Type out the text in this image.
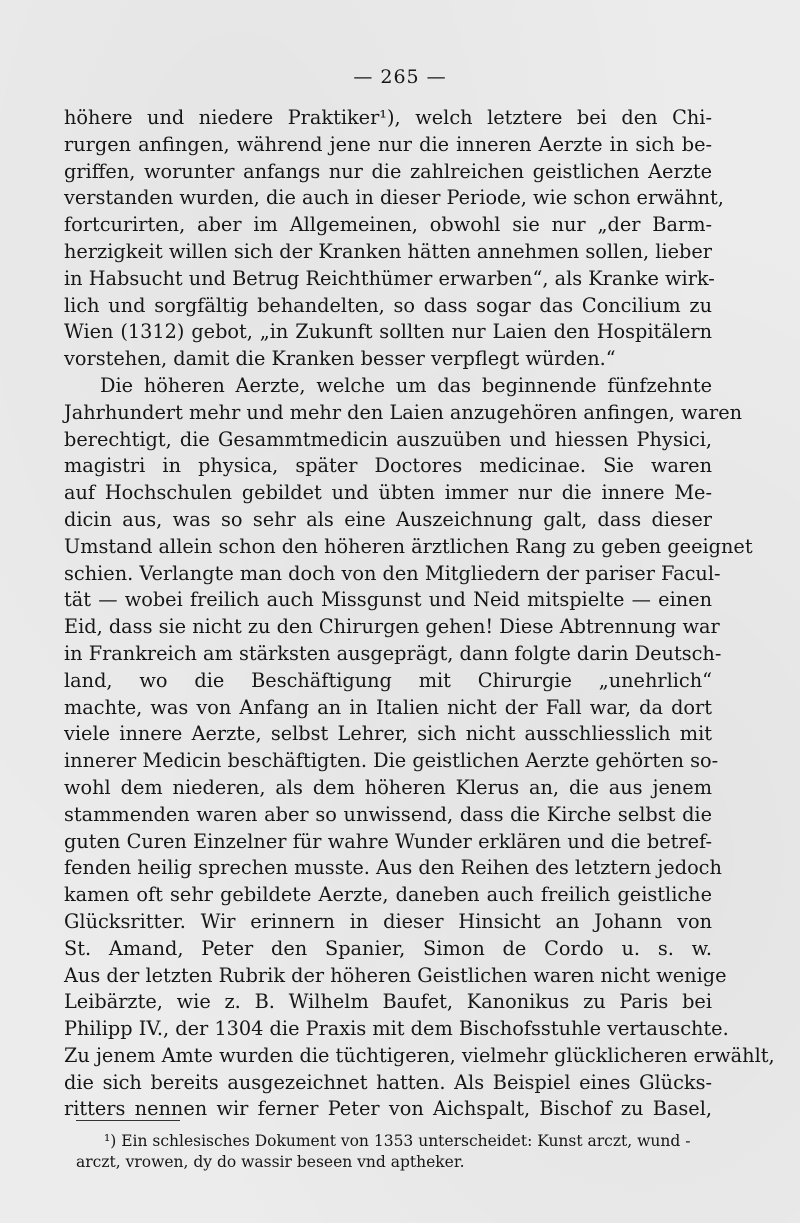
— 265 —
höhere und niedere Praktiker¹), welch letztere bei den Chi-
rurgen anfingen, während jene nur die inneren Aerzte in sich be-
griffen, worunter anfangs nur die zahlreichen geistlichen Aerzte
verstanden wurden, die auch in dieser Periode, wie schon erwähnt,
fortcurirten, aber im Allgemeinen, obwohl sie nur „der Barm-
herzigkeit willen sich der Kranken hätten annehmen sollen, lieber
in Habsucht und Betrug Reichthümer erwarben“, als Kranke wirk-
lich und sorgfältig behandelten, so dass sogar das Concilium zu
Wien (1312) gebot, „in Zukunft sollten nur Laien den Hospitälern
vorstehen, damit die Kranken besser verpflegt würden.“
Die höheren Aerzte, welche um das beginnende fünfzehnte
Jahrhundert mehr und mehr den Laien anzugehören anfingen, waren
berechtigt, die Gesammtmedicin auszuüben und hiessen Physici,
magistri in physica, später Doctores medicinae. Sie waren
auf Hochschulen gebildet und übten immer nur die innere Me-
dicin aus, was so sehr als eine Auszeichnung galt, dass dieser
Umstand allein schon den höheren ärztlichen Rang zu geben geeignet
schien. Verlangte man doch von den Mitgliedern der pariser Facul-
tät — wobei freilich auch Missgunst und Neid mitspielte — einen
Eid, dass sie nicht zu den Chirurgen gehen! Diese Abtrennung war
in Frankreich am stärksten ausgeprägt, dann folgte darin Deutsch-
land, wo die Beschäftigung mit Chirurgie „unehrlich“
machte, was von Anfang an in Italien nicht der Fall war, da dort
viele innere Aerzte, selbst Lehrer, sich nicht ausschliesslich mit
innerer Medicin beschäftigten. Die geistlichen Aerzte gehörten so-
wohl dem niederen, als dem höheren Klerus an, die aus jenem
stammenden waren aber so unwissend, dass die Kirche selbst die
guten Curen Einzelner für wahre Wunder erklären und die betref-
fenden heilig sprechen musste. Aus den Reihen des letztern jedoch
kamen oft sehr gebildete Aerzte, daneben auch freilich geistliche
Glücksritter. Wir erinnern in dieser Hinsicht an Johann von
St. Amand, Peter den Spanier, Simon de Cordo u. s. w.
Aus der letzten Rubrik der höheren Geistlichen waren nicht wenige
Leibärzte, wie z. B. Wilhelm Baufet, Kanonikus zu Paris bei
Philipp IV., der 1304 die Praxis mit dem Bischofsstuhle vertauschte.
Zu jenem Amte wurden die tüchtigeren, vielmehr glücklicheren erwählt,
die sich bereits ausgezeichnet hatten. Als Beispiel eines Glücks-
ritters nennen wir ferner Peter von Aichspalt, Bischof zu Basel,
¹) Ein schlesisches Dokument von 1353 unterscheidet: Kunst arczt, wund -
arczt, vrowen, dy do wassir beseen vnd aptheker.
